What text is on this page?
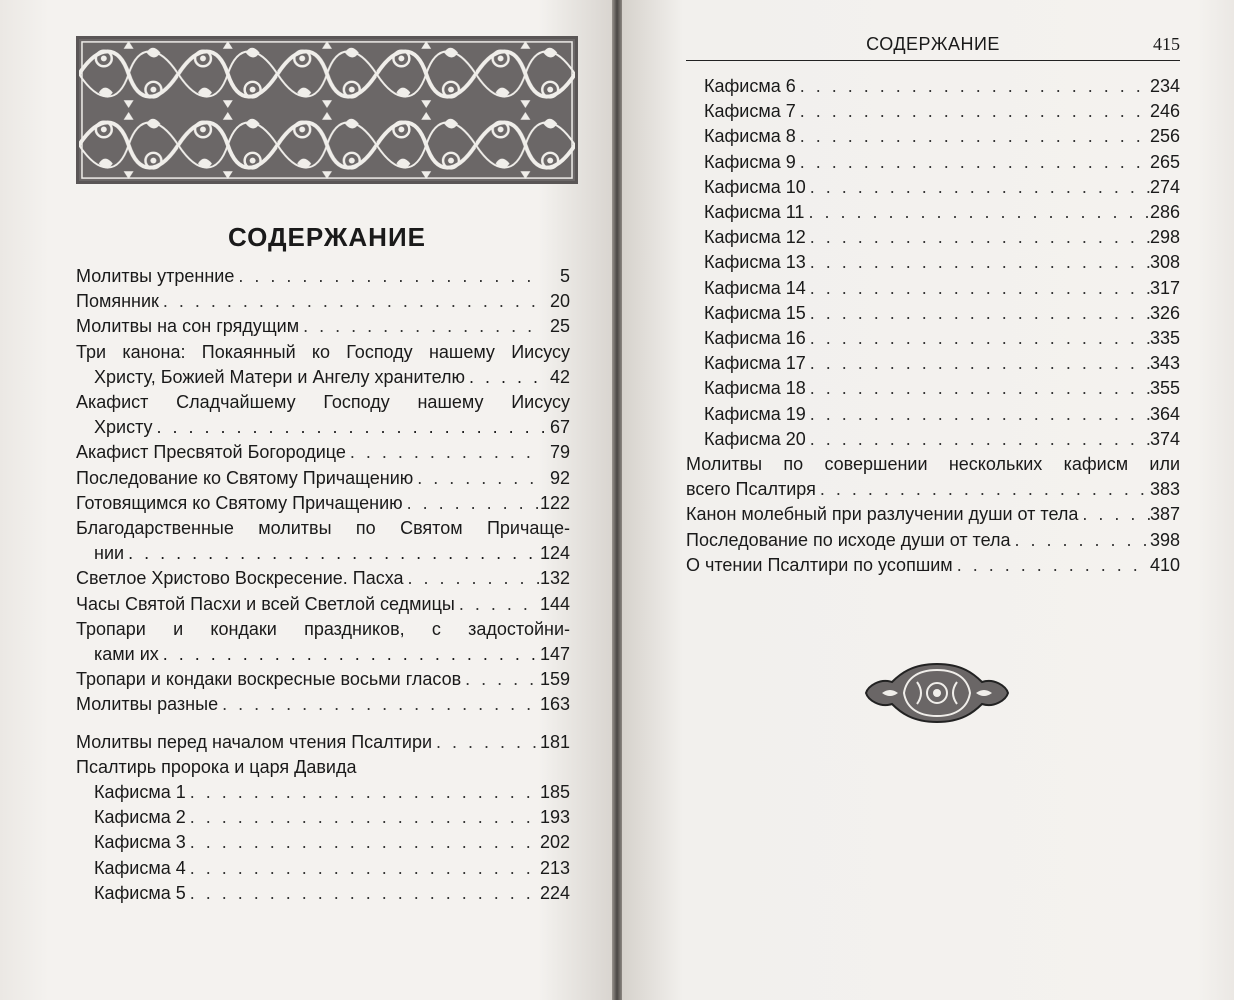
СОДЕРЖАНИЕ
Молитвы утренние . . .	5
Помянник . . .	20
Молитвы на сон грядущим . . .	25
Три канона: Покаянный ко Господу нашему Иисусу
Христу, Божией Матери и Ангелу хранителю . . .	42
Акафист Сладчайшему Господу нашему Иисусу
Христу . . .	67
Акафист Пресвятой Богородице . . .	79
Последование ко Святому Причащению . . .	92
Готовящимся ко Святому Причащению . . .	122
Благодарственные молитвы по Святом Причаще-
нии . . .	124
Светлое Христово Воскресение. Пасха . . .	132
Часы Святой Пасхи и всей Светлой седмицы . . .	144
Тропари и кондаки праздников, с задостойни-
ками их . . .	147
Тропари и кондаки воскресные восьми гласов . . .	159
Молитвы разные . . .	163
Молитвы перед началом чтения Псалтири . . .	181
Псалтирь пророка и царя Давида
Кафисма 1 . . .	185
Кафисма 2 . . .	193
Кафисма 3 . . .	202
Кафисма 4 . . .	213
Кафисма 5 . . .	224
СОДЕРЖАНИЕ	415
Кафисма 6 . . .	234
Кафисма 7 . . .	246
Кафисма 8 . . .	256
Кафисма 9 . . .	265
Кафисма 10 . . .	274
Кафисма 11 . . .	286
Кафисма 12 . . .	298
Кафисма 13 . . .	308
Кафисма 14 . . .	317
Кафисма 15 . . .	326
Кафисма 16 . . .	335
Кафисма 17 . . .	343
Кафисма 18 . . .	355
Кафисма 19 . . .	364
Кафисма 20 . . .	374
Молитвы по совершении нескольких кафисм или
всего Псалтиря . . .	383
Канон молебный при разлучении души от тела . . .	387
Последование по исходе души от тела . . .	398
О чтении Псалтири по усопшим . . .	410
